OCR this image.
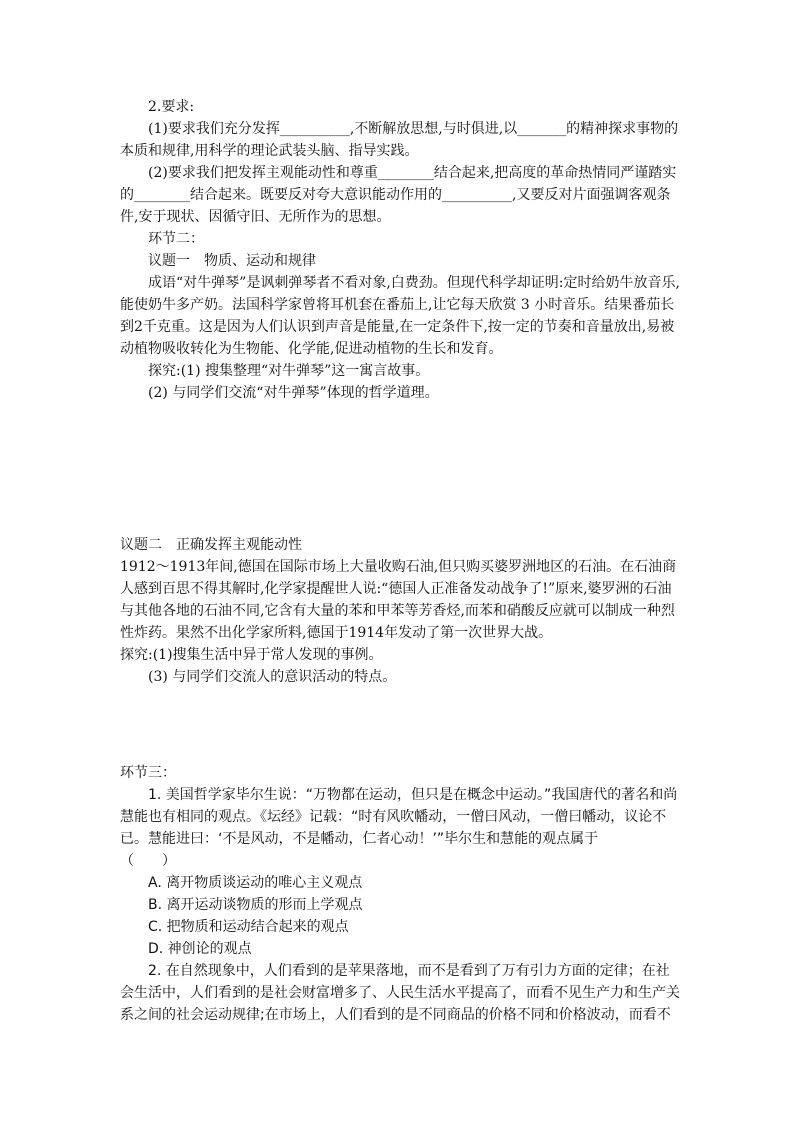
2.要求:

(1)要求我们充分发挥__________,不断解放思想,与时俱进,以_______的精神探求事物的本质和规律,用科学的理论武装头脑、指导实践。

(2)要求我们把发挥主观能动性和尊重________结合起来,把高度的革命热情同严谨踏实的________结合起来。既要反对夸大意识能动作用的__________,又要反对片面强调客观条件,安于现状、因循守旧、无所作为的思想。

环节二：

议题一　物质、运动和规律

成语“对牛弹琴”是讽刺弹琴者不看对象,白费劲。但现代科学却证明:定时给奶牛放音乐,能使奶牛多产奶。法国科学家曾将耳机套在番茄上,让它每天欣赏 3 小时音乐。结果番茄长到2千克重。这是因为人们认识到声音是能量,在一定条件下,按一定的节奏和音量放出,易被动植物吸收转化为生物能、化学能,促进动植物的生长和发育。

探究:(1) 搜集整理“对牛弹琴”这一寓言故事。

(2) 与同学们交流“对牛弹琴”体现的哲学道理。

议题二　正确发挥主观能动性

1912～1913年间,德国在国际市场上大量收购石油,但只购买婆罗洲地区的石油。在石油商人感到百思不得其解时,化学家提醒世人说:“德国人正准备发动战争了!”原来,婆罗洲的石油与其他各地的石油不同,它含有大量的苯和甲苯等芳香烃,而苯和硝酸反应就可以制成一种烈性炸药。果然不出化学家所料,德国于1914年发动了第一次世界大战。

探究:(1)搜集生活中异于常人发现的事例。

(3) 与同学们交流人的意识活动的特点。

环节三：

1. 美国哲学家毕尔生说：“万物都在运动，但只是在概念中运动。”我国唐代的著名和尚慧能也有相同的观点。《坛经》记载：“时有风吹幡动，一僧曰风动，一僧曰幡动，议论不已。慧能进曰：‘不是风动，不是幡动，仁者心动！’”毕尔生和慧能的观点属于

（　　）

A. 离开物质谈运动的唯心主义观点

B. 离开运动谈物质的形而上学观点

C. 把物质和运动结合起来的观点

D. 神创论的观点

2. 在自然现象中，人们看到的是苹果落地，而不是看到了万有引力方面的定律；在社会生活中，人们看到的是社会财富增多了、人民生活水平提高了，而看不见生产力和生产关系之间的社会运动规律;在市场上，人们看到的是不同商品的价格不同和价格波动，而看不
